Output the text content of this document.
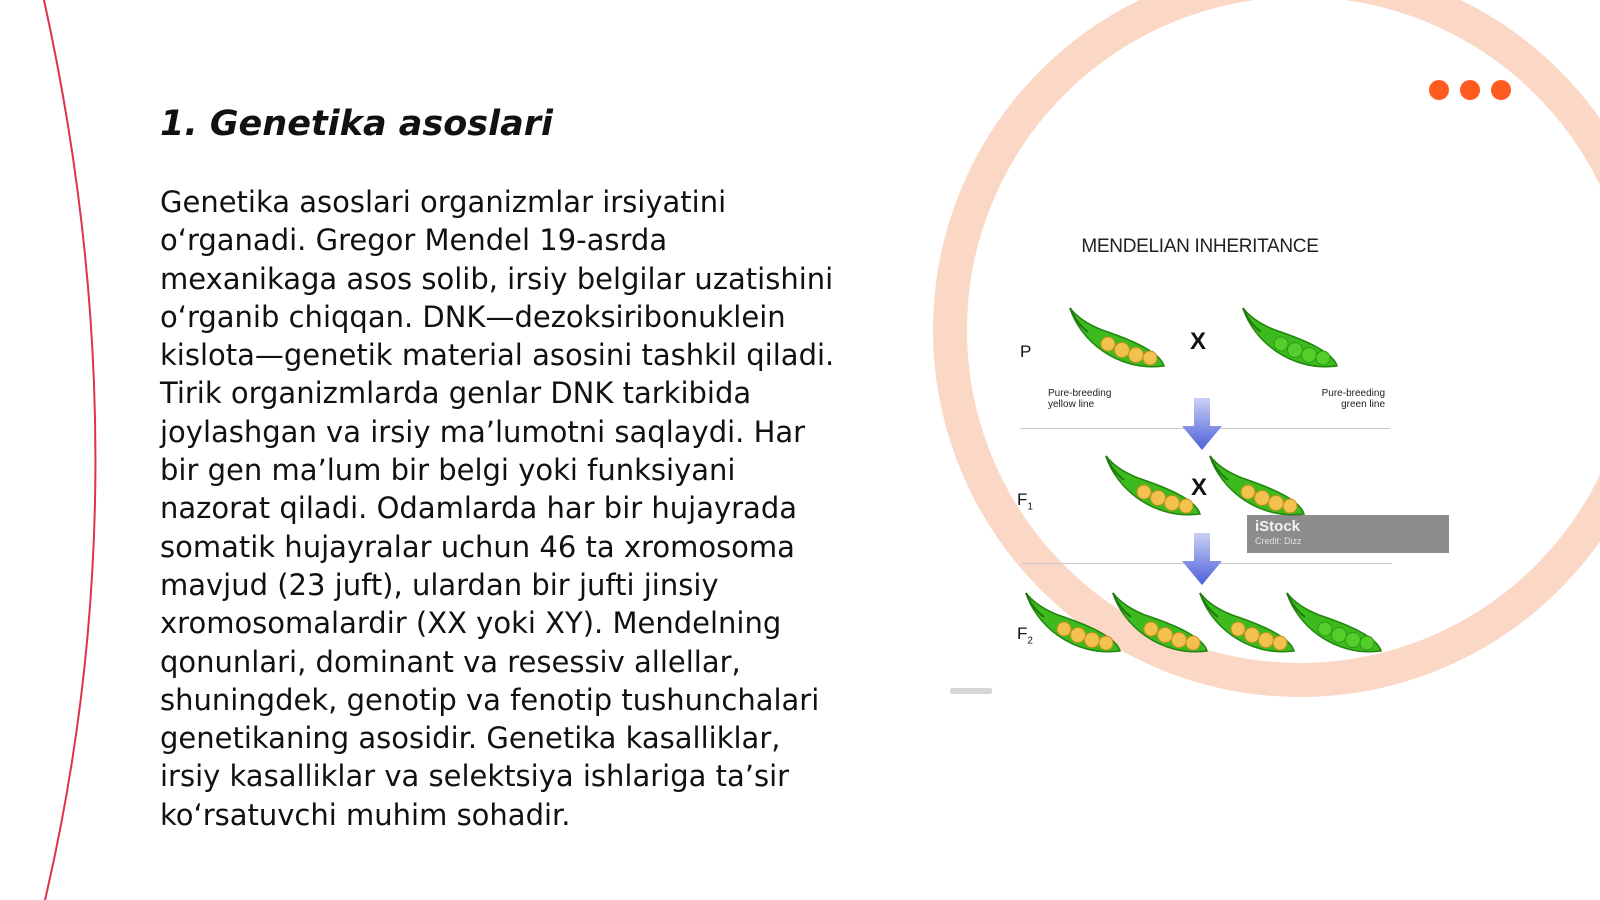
1. Genetika asoslari

Genetika asoslari organizmlar irsiyatini o‘rganadi. Gregor Mendel 19-asrda mexanikaga asos solib, irsiy belgilar uzatishini o‘rganib chiqqan. DNK—dezoksiribonuklein kislota—genetik material asosini tashkil qiladi. Tirik organizmlarda genlar DNK tarkibida joylashgan va irsiy ma’lumotni saqlaydi. Har bir gen ma’lum bir belgi yoki funksiyani nazorat qiladi. Odamlarda har bir hujayrada somatik hujayralar uchun 46 ta xromosoma mavjud (23 juft), ulardan bir jufti jinsiy xromosomalardir (XX yoki XY). Mendelning qonunlari, dominant va resessiv allellar, shuningdek, genotip va fenotip tushunchalari genetikaning asosidir. Genetika kasalliklar, irsiy kasalliklar va selektsiya ishlariga ta’sir ko‘rsatuvchi muhim sohadir.

MENDELIAN INHERITANCE
P
$F_1$
$F_2$
X
Pure-breeding
yellow line
Pure-breeding
green line
X
iStock
Credit: Dizz
